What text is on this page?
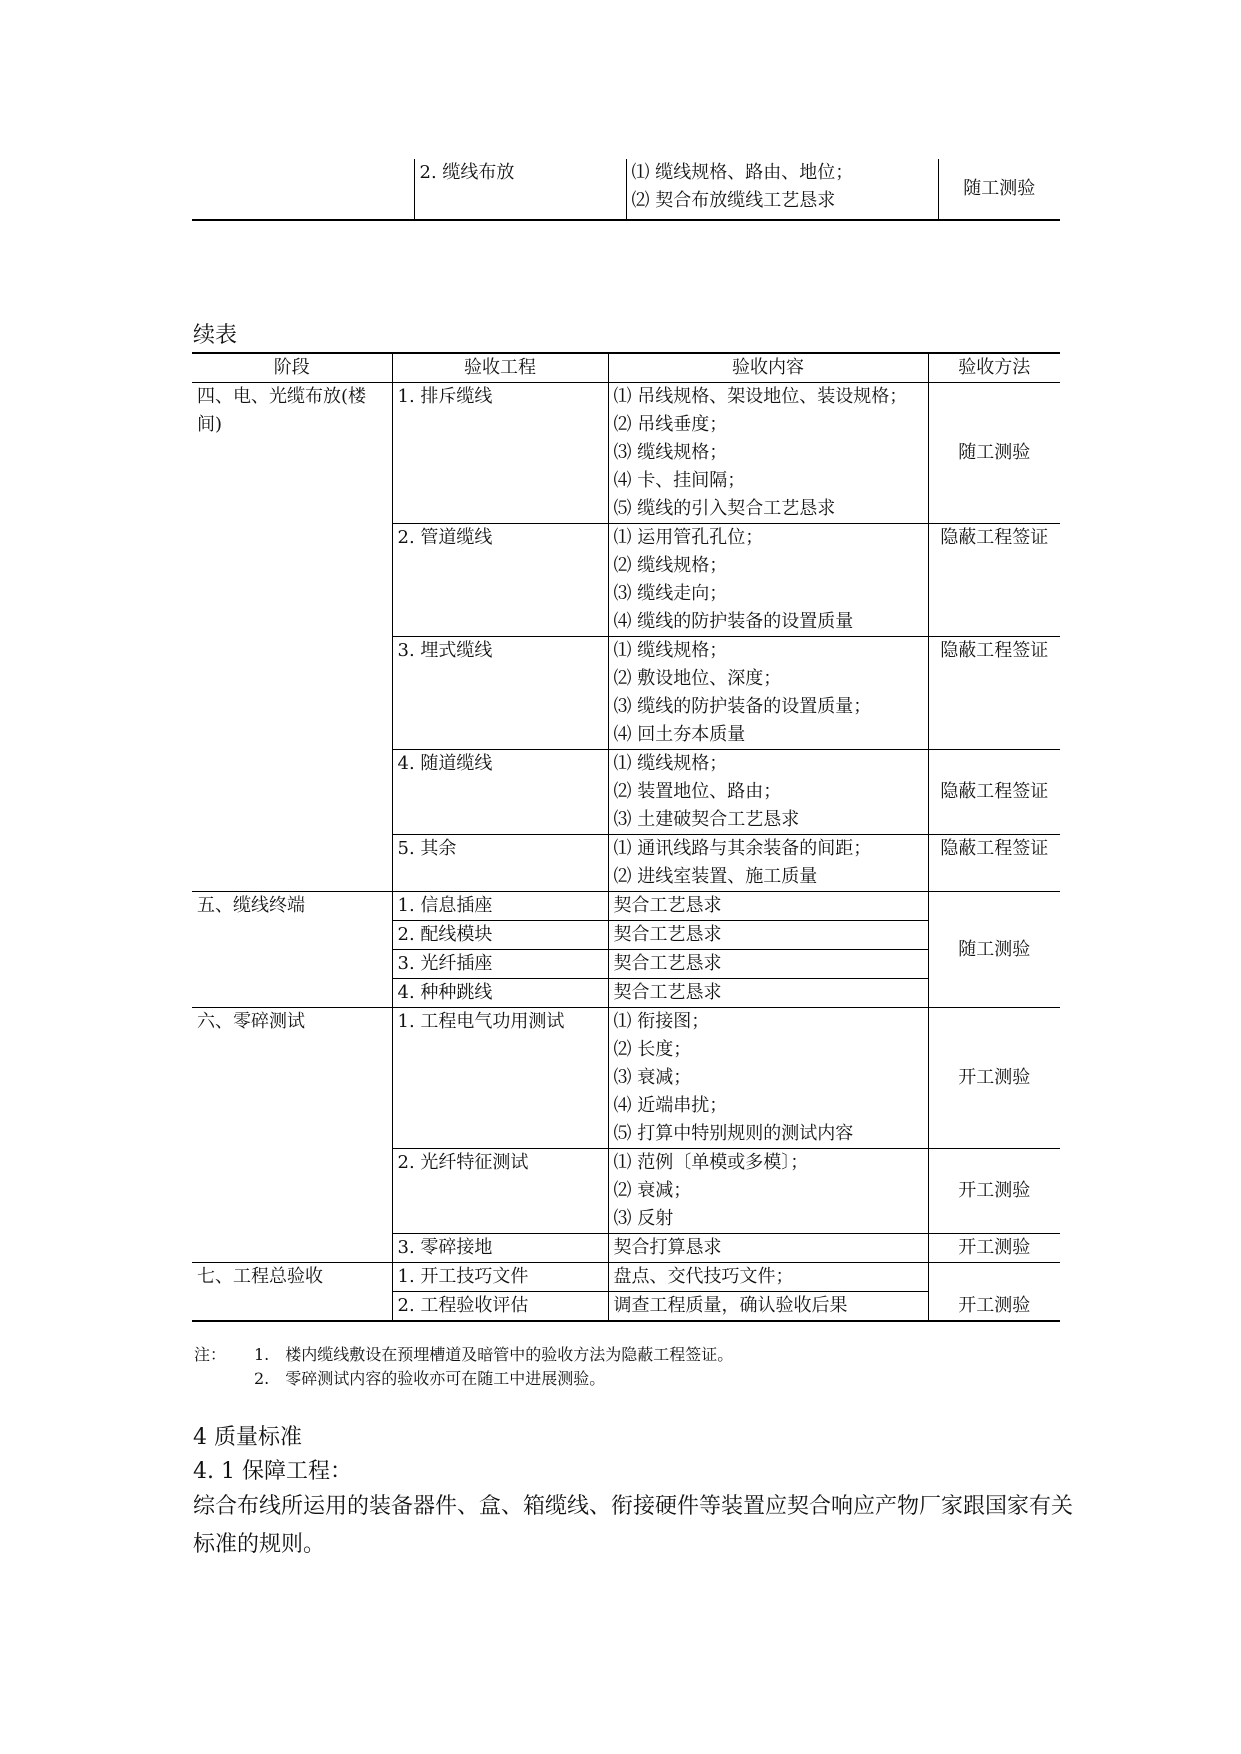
	2. 缆线布放	⑴ 缆线规格、路由、地位；
⑵ 契合布放缆线工艺恳求
	随工测验
续表
阶段	验收工程	验收内容	验收方法
四、电、光缆布放(楼间)	1. 排斥缆线	⑴ 吊线规格、架设地位、装设规格；
⑵ 吊线垂度；
⑶ 缆线规格；
⑷ 卡、挂间隔；
⑸ 缆线的引入契合工艺恳求	随工测验
	2. 管道缆线	⑴ 运用管孔孔位；
⑵ 缆线规格；
⑶ 缆线走向；
⑷ 缆线的防护装备的设置质量	隐蔽工程签证
	3. 埋式缆线	⑴ 缆线规格；
⑵ 敷设地位、深度；
⑶ 缆线的防护装备的设置质量；
⑷ 回土夯本质量	隐蔽工程签证
	4. 随道缆线	⑴ 缆线规格；
⑵ 装置地位、路由；
⑶ 土建破契合工艺恳求	隐蔽工程签证
	5. 其余	⑴ 通讯线路与其余装备的间距；
⑵ 进线室装置、施工质量	隐蔽工程签证
五、缆线终端	1. 信息插座	契合工艺恳求	随工测验
	2. 配线模块	契合工艺恳求	
	3. 光纤插座	契合工艺恳求	
	4. 种种跳线	契合工艺恳求	
六、零碎测试	1. 工程电气功用测试	⑴ 衔接图；
⑵ 长度；
⑶ 衰减；
⑷ 近端串扰；
⑸ 打算中特别规则的测试内容	开工测验
	2. 光纤特征测试	⑴ 范例〔单模或多模〕；
⑵ 衰减；
⑶ 反射	开工测验
	3. 零碎接地	契合打算恳求	开工测验
七、工程总验收	1. 开工技巧文件	盘点、交代技巧文件；	开工测验
	2. 工程验收评估	调查工程质量，确认验收后果	
注： 1.　楼内缆线敷设在预埋槽道及暗管中的验收方法为隐蔽工程签证。
2.　零碎测试内容的验收亦可在随工中进展测验。
4 质量标准
4. 1 保障工程：

综合布线所运用的装备器件、盒、箱缆线、衔接硬件等装置应契合响应产物厂家跟国家有关标准的规则。
